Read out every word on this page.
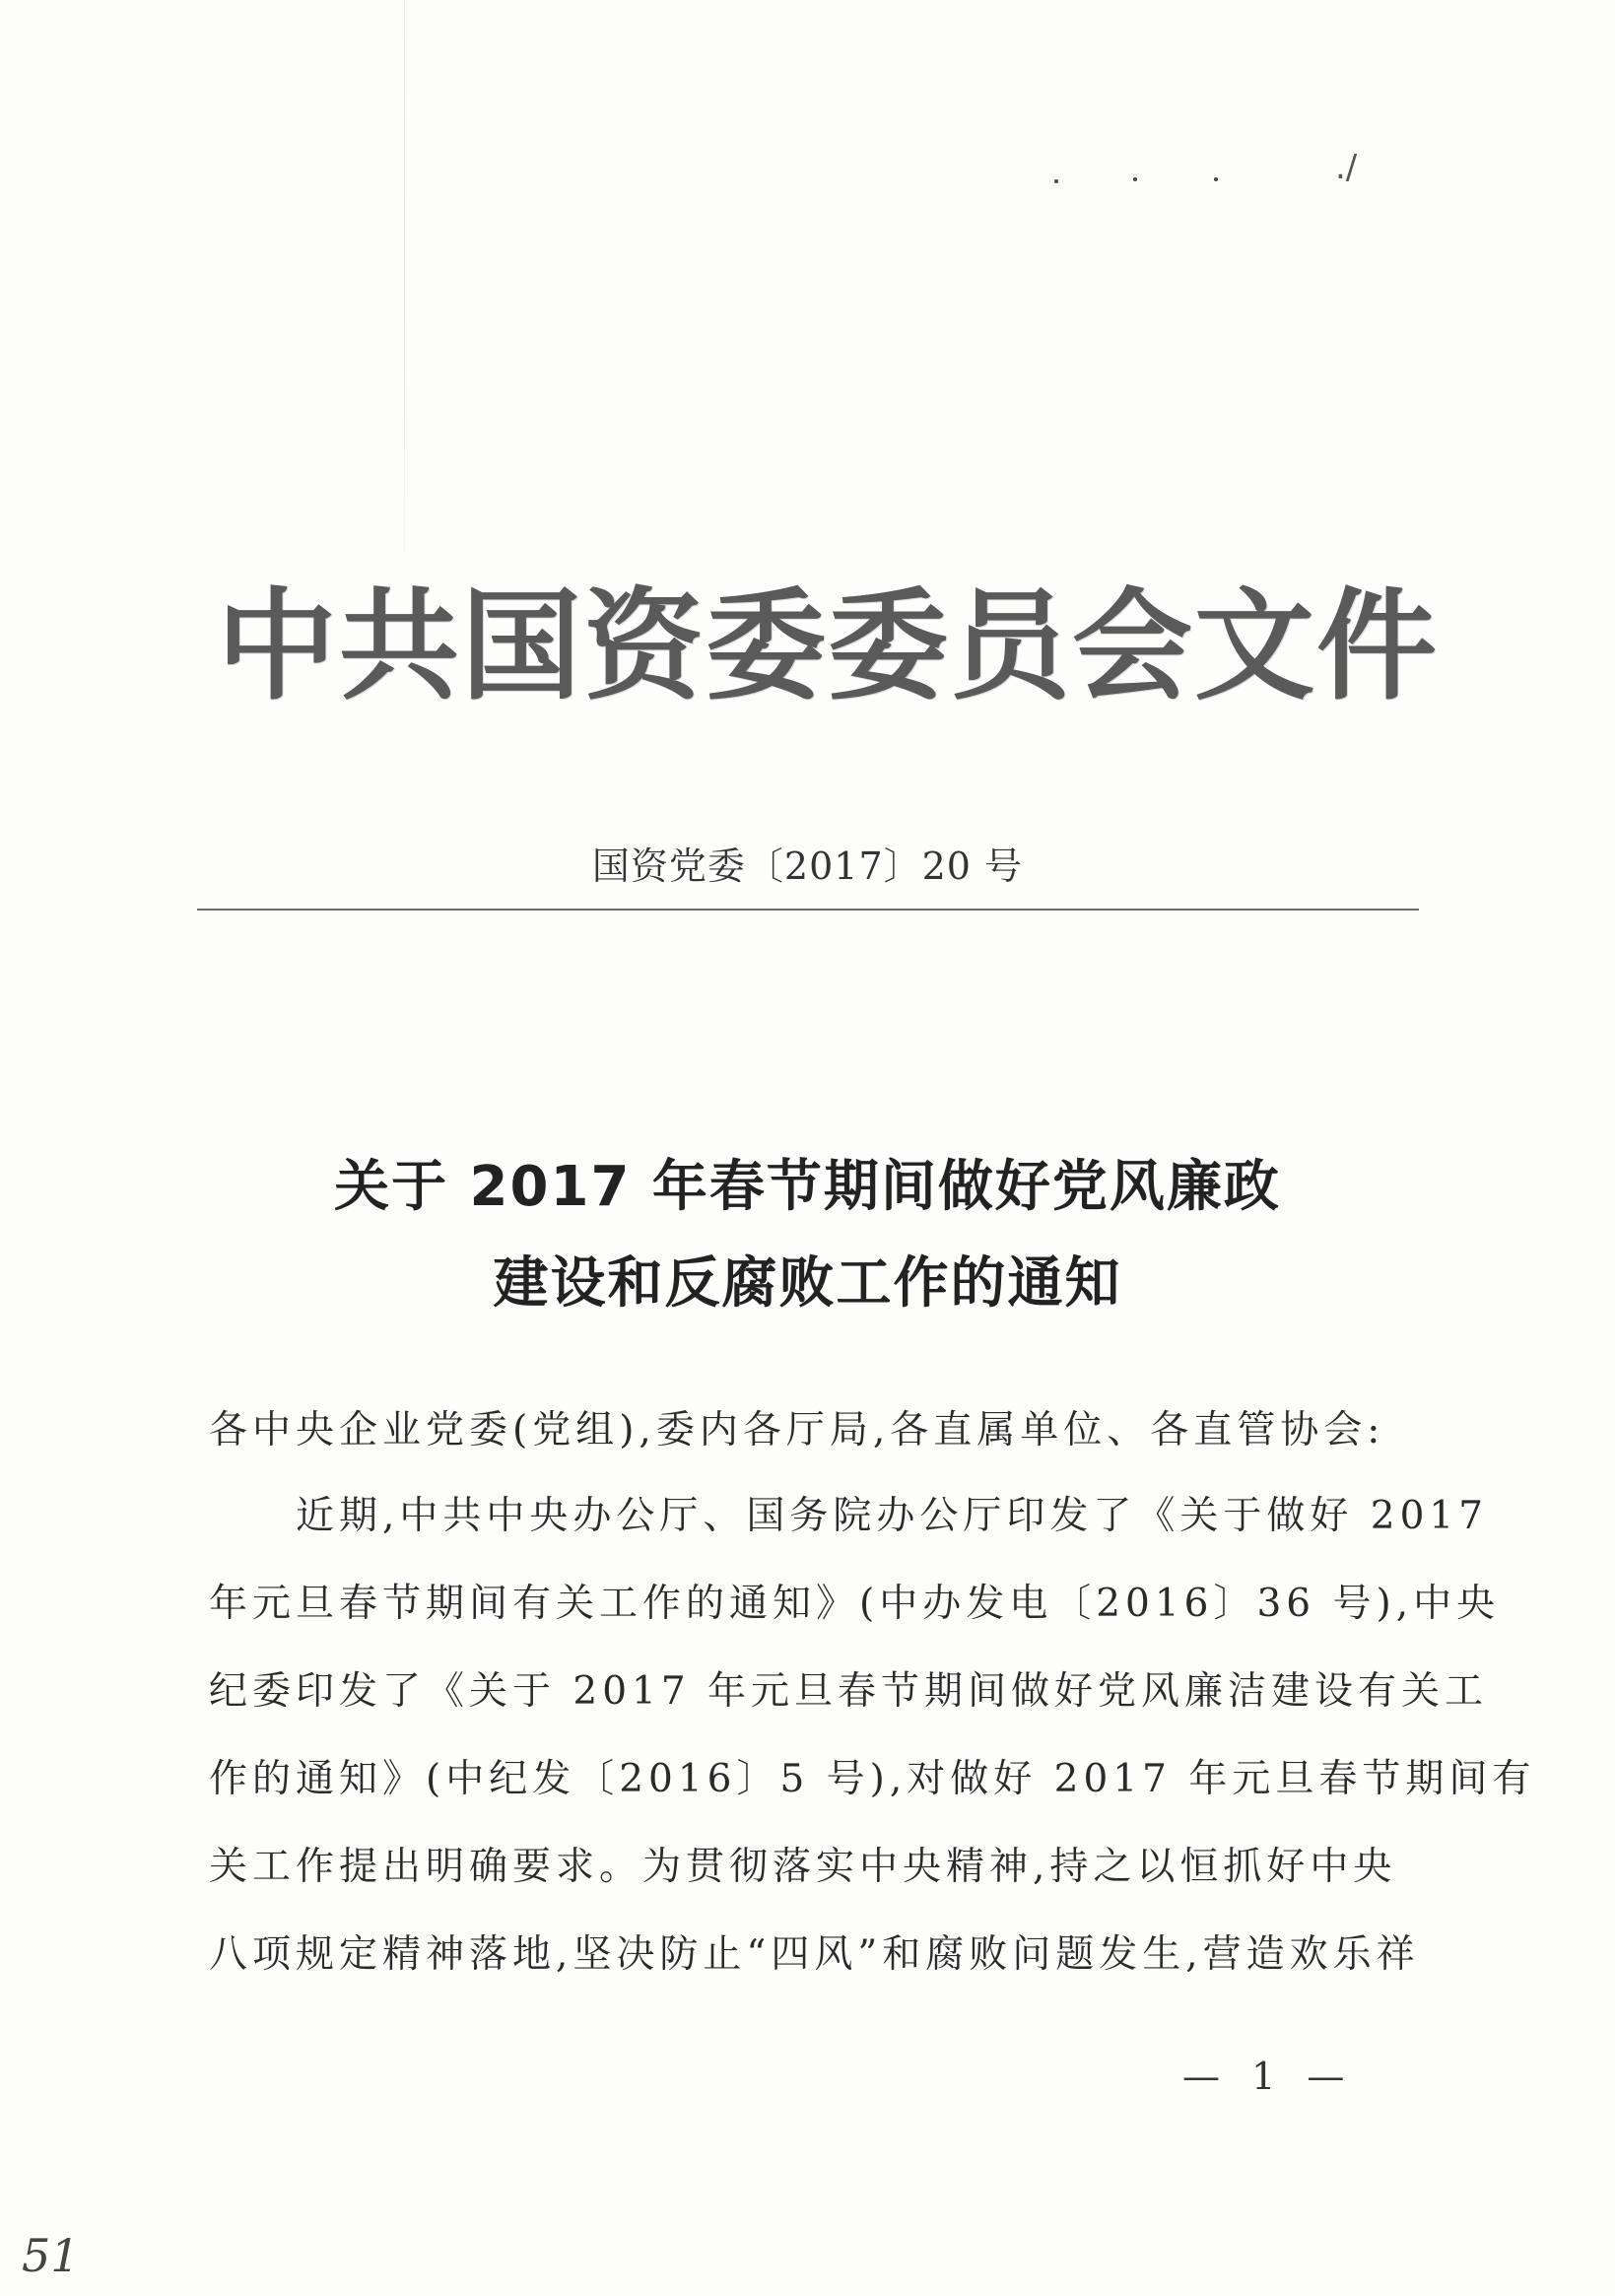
./
中共国资委委员会文件
国资党委〔2017〕20 号
关于 2017 年春节期间做好党风廉政
建设和反腐败工作的通知
各中央企业党委(党组),委内各厅局,各直属单位、各直管协会:
　　近期,中共中央办公厅、国务院办公厅印发了《关于做好 2017
年元旦春节期间有关工作的通知》(中办发电〔2016〕36 号),中央
纪委印发了《关于 2017 年元旦春节期间做好党风廉洁建设有关工
作的通知》(中纪发〔2016〕5 号),对做好 2017 年元旦春节期间有
关工作提出明确要求。为贯彻落实中央精神,持之以恒抓好中央
八项规定精神落地,坚决防止“四风”和腐败问题发生,营造欢乐祥
— 1 —
51
